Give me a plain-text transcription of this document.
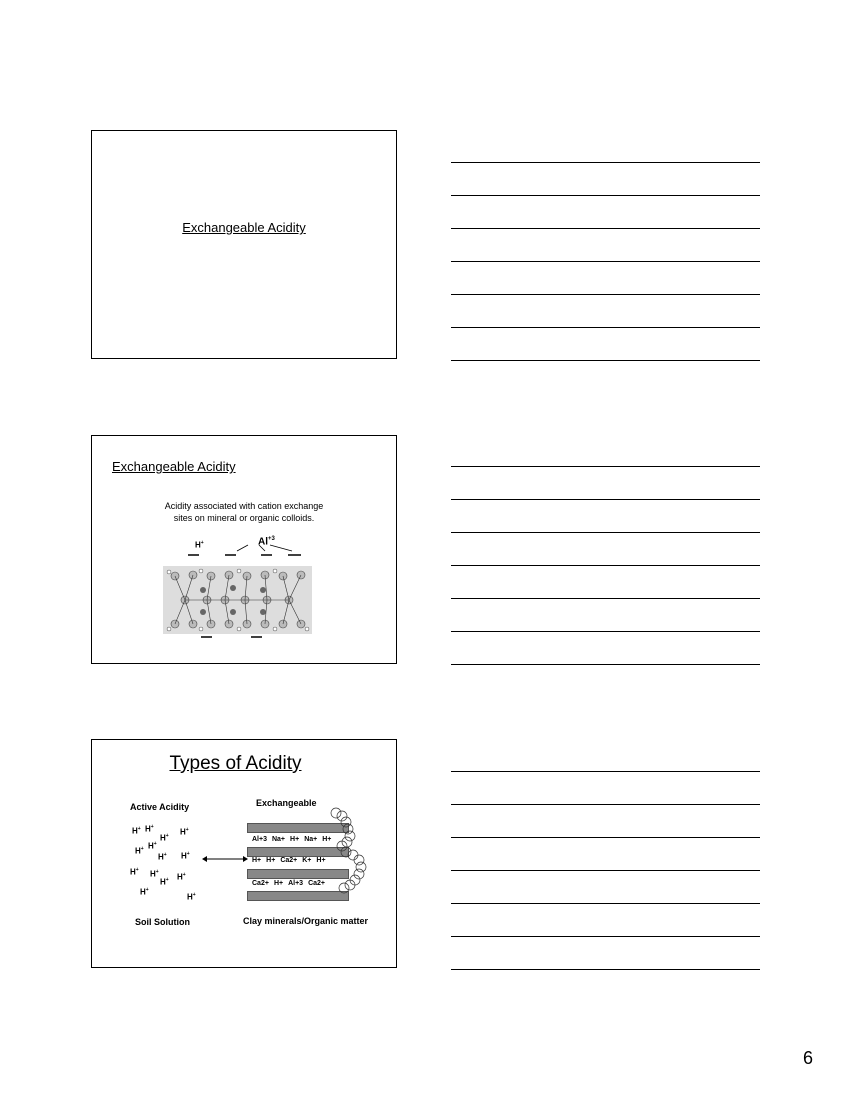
Exchangeable Acidity
Exchangeable Acidity
Acidity associated with cation exchange
sites on mineral or organic colloids.
H+	$Al^{+3}$
Types of Acidity
Active Acidity	Exchangeable
H+ H+
H+
H+
H+
H+
H+ H+
H+ H+
H+
H+
H+
H+
Al+3 Na+ H+ Na+ H+
H+ H+ Ca2+ K+ H+
Ca2+ H+ Al+3 Ca2+
Soil Solution	Clay minerals/Organic matter
6
